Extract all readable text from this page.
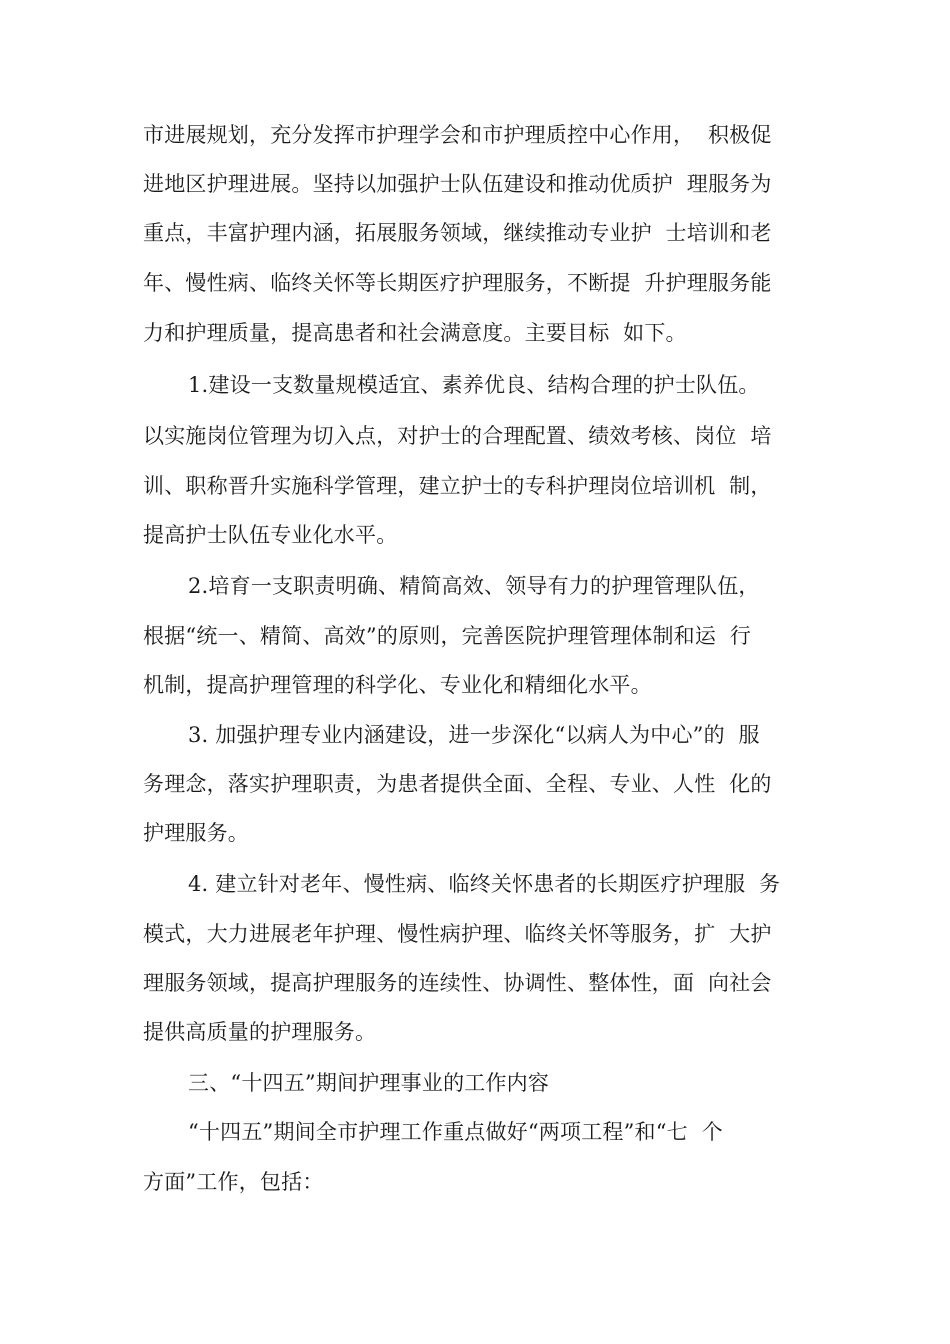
市进展规划，充分发挥市护理学会和市护理质控中心作用，  积极促
进地区护理进展。坚持以加强护士队伍建设和推动优质护  理服务为
重点，丰富护理内涵，拓展服务领域，继续推动专业护  士培训和老
年、慢性病、临终关怀等长期医疗护理服务，不断提  升护理服务能
力和护理质量，提高患者和社会满意度。主要目标  如下。
1.建设一支数量规模适宜、素养优良、结构合理的护士队伍。
以实施岗位管理为切入点，对护士的合理配置、绩效考核、岗位  培
训、职称晋升实施科学管理，建立护士的专科护理岗位培训机  制，
提高护士队伍专业化水平。
2.培育一支职责明确、精简高效、领导有力的护理管理队伍，
根据“统一、精简、高效”的原则，完善医院护理管理体制和运  行
机制，提高护理管理的科学化、专业化和精细化水平。
3. 加强护理专业内涵建设，进一步深化“以病人为中心”的  服
务理念，落实护理职责，为患者提供全面、全程、专业、人性  化的
护理服务。
4. 建立针对老年、慢性病、临终关怀患者的长期医疗护理服  务
模式，大力进展老年护理、慢性病护理、临终关怀等服务，扩  大护
理服务领域，提高护理服务的连续性、协调性、整体性，面  向社会
提供高质量的护理服务。
三、“十四五”期间护理事业的工作内容
“十四五”期间全市护理工作重点做好“两项工程”和“七  个
方面”工作，包括：
